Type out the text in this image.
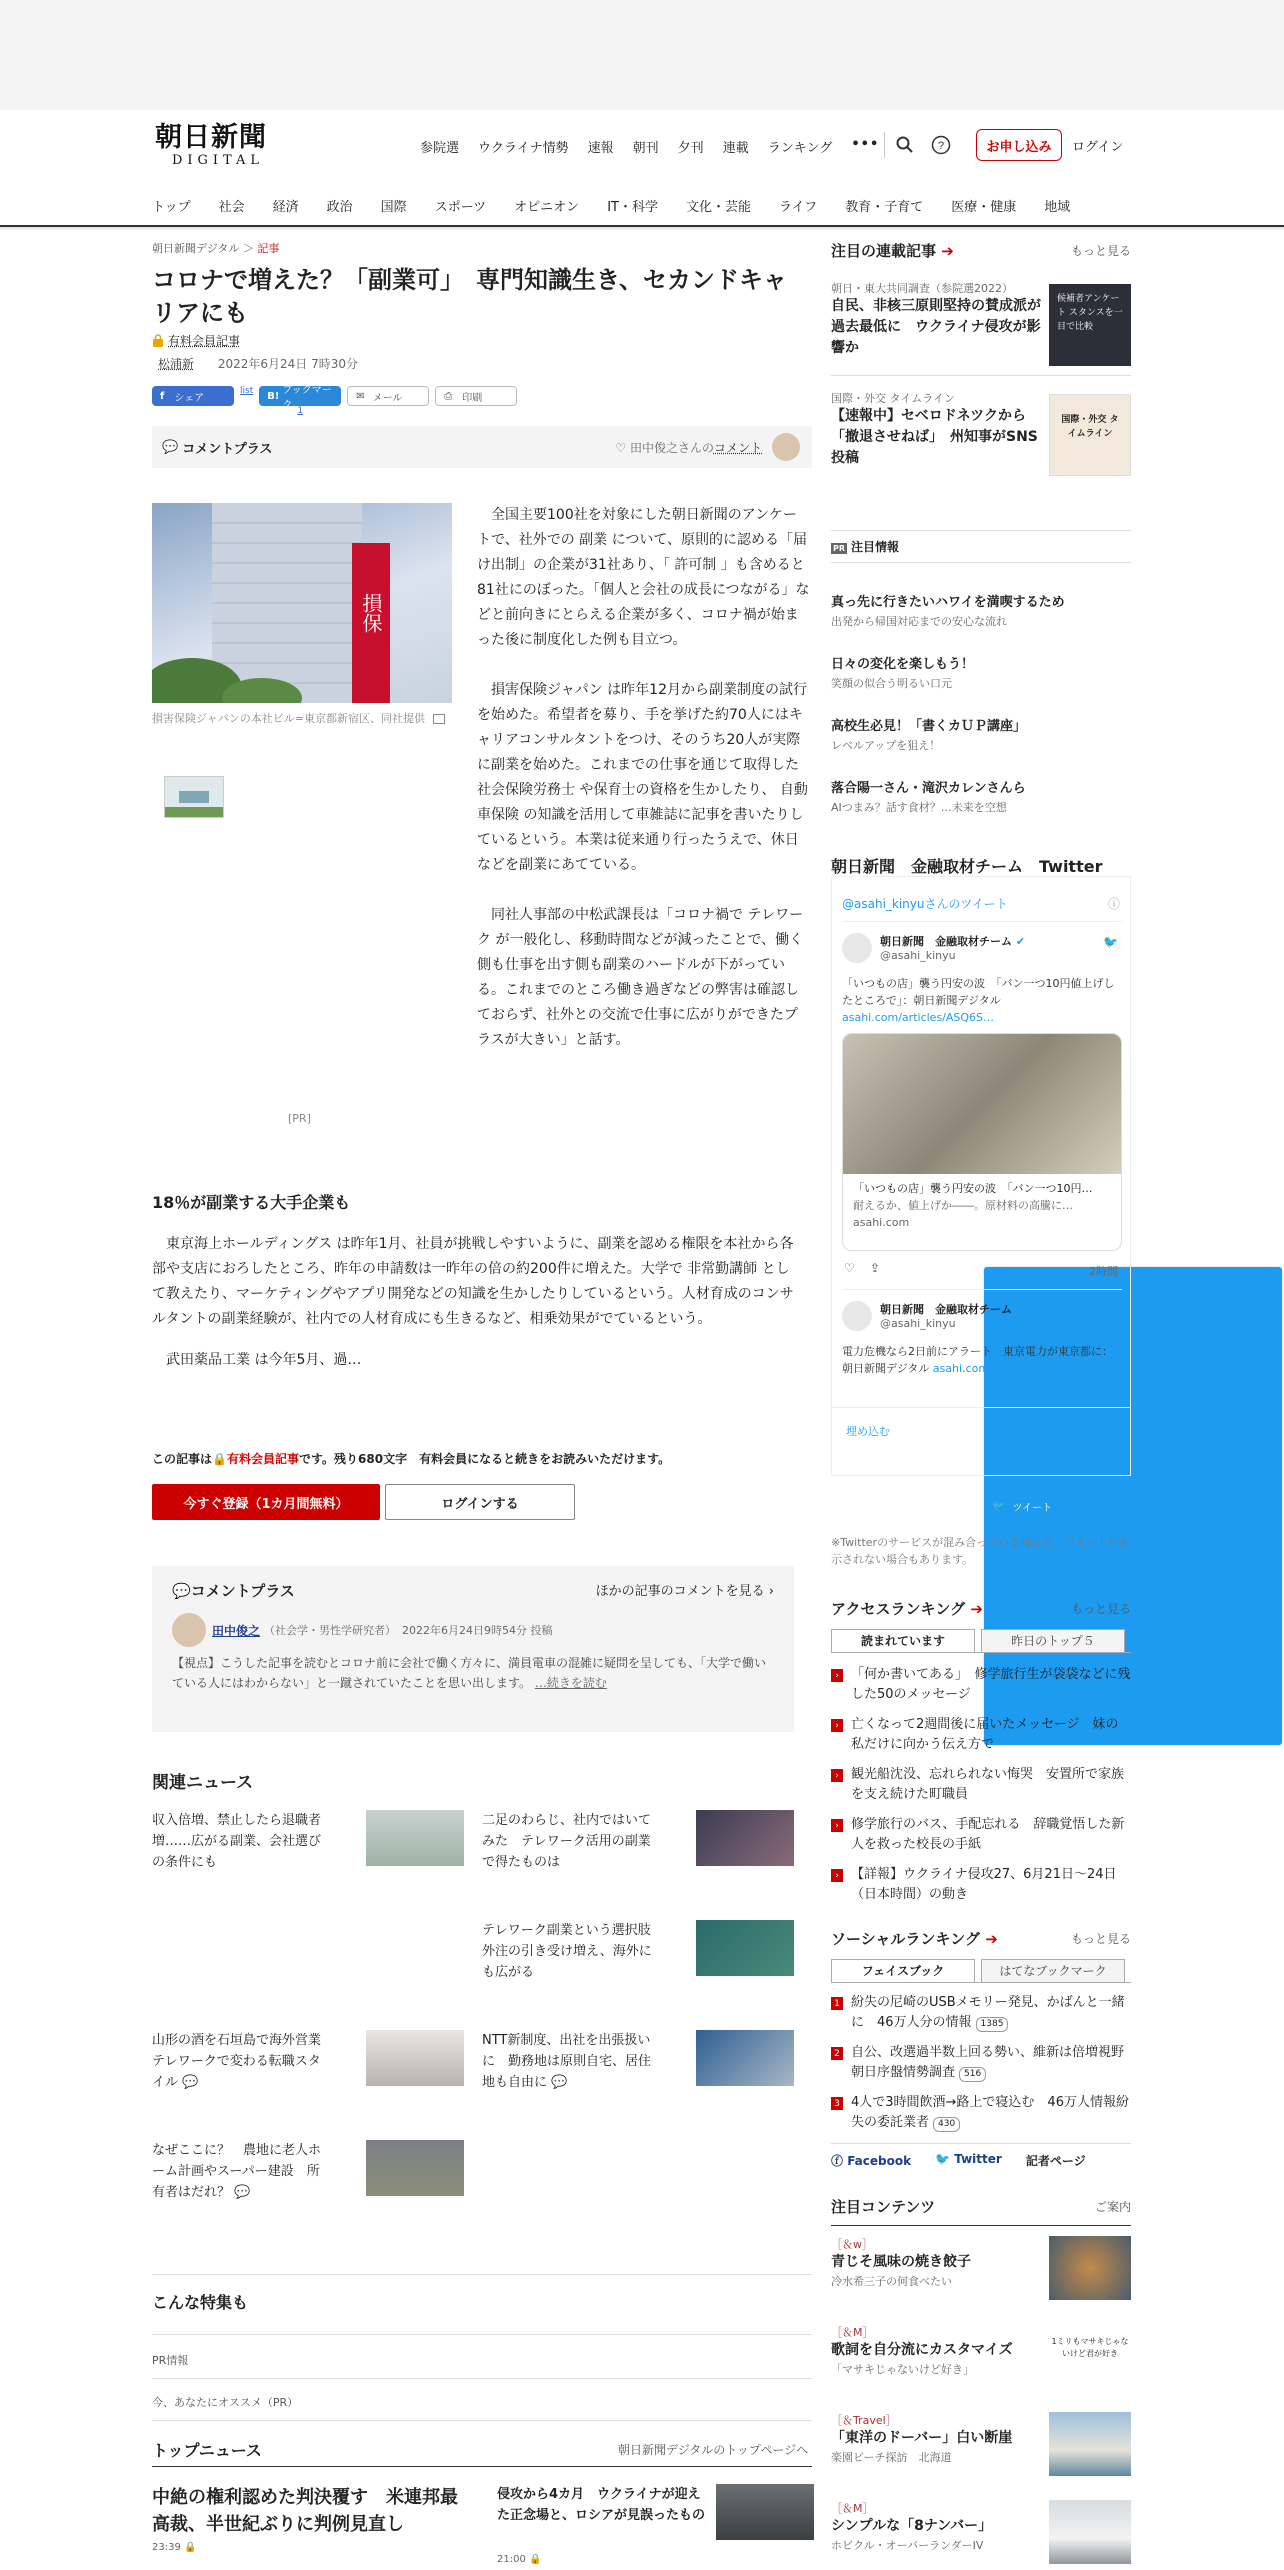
朝日新聞
DIGITAL
参院選 ウクライナ情勢 速報 朝刊 夕刊 連載 ランキング •••	?	お申し込み	ログイン
トップ 社会 経済 政治 国際 スポーツ オピニオン IT・科学 文化・芸能 ライフ 教育・子育て 医療・健康 地域
朝日新聞デジタル ＞ 記事
コロナで増えた？「副業可」　専門知識生き、セカンドキャリアにも
有料会員記事
松浦新 2022年6月24日 7時30分
f シェア
🐦 ツイート
list B! ブックマーク 1
✉ メール	⎙ 印刷
💬 コメントプラス	♡ 田中俊之さんのコメント
損保
損害保険ジャパンの本社ビル=東京都新宿区、同社提供
[PR]

全国主要100社を対象にした朝日新聞のアンケートで、社外での 副業 について、原則的に認める「届け出制」の企業が31社あり、「 許可制 」も含めると81社にのぼった。「個人と会社の成長につながる」などと前向きにとらえる企業が多く、コロナ禍が始まった後に制度化した例も目立つ。

損害保険ジャパン は昨年12月から副業制度の試行を始めた。希望者を募り、手を挙げた約70人にはキャリアコンサルタントをつけ、そのうち20人が実際に副業を始めた。これまでの仕事を通じて取得した 社会保険労務士 や保育士の資格を生かしたり、 自動車保険 の知識を活用して車雑誌に記事を書いたりしているという。本業は従来通り行ったうえで、休日などを副業にあてている。

同社人事部の中松武課長は「コロナ禍で テレワーク が一般化し、移動時間などが減ったことで、働く側も仕事を出す側も副業のハードルが下がっている。これまでのところ働き過ぎなどの弊害は確認しておらず、社外との交流で仕事に広がりができたプラスが大きい」と話す。

18％が副業する大手企業も

東京海上ホールディングス は昨年1月、社員が挑戦しやすいように、副業を認める権限を本社から各部や支店におろしたところ、昨年の申請数は一昨年の倍の約200件に増えた。大学で 非常勤講師 として教えたり、マーケティングやアプリ開発などの知識を生かしたりしているという。人材育成のコンサルタントの副業経験が、社内での人材育成にも生きるなど、相乗効果がでているという。

武田薬品工業 は今年5月、過…

この記事は🔒有料会員記事です。残り680文字　有料会員になると続きをお読みいただけます。
今すぐ登録（1カ月間無料）	ログインする
💬コメントプラス	ほかの記事のコメントを見る ›
田中俊之 （社会学・男性学研究者） 2022年6月24日9時54分 投稿
【視点】こうした記事を読むとコロナ前に会社で働く方々に、満員電車の混雑に疑問を呈しても、「大学で働いている人にはわからない」と一蹴されていたことを思い出します。 …続きを読む
関連ニュース
収入倍増、禁止したら退職者増……広がる副業、会社選びの条件にも
二足のわらじ、社内ではいてみた　テレワーク活用の副業で得たものは
テレワーク副業という選択肢　外注の引き受け増え、海外にも広がる
山形の酒を石垣島で海外営業　テレワークで変わる転職スタイル 💬
NTT新制度、出社を出張扱いに　勤務地は原則自宅、居住地も自由に 💬
なぜここに？　農地に老人ホーム計画やスーパー建設　所有者はだれ？ 💬
こんな特集も
PR情報
今、あなたにオススメ（PR）
トップニュース	朝日新聞デジタルのトップページへ
中絶の権利認めた判決覆す　米連邦最高裁、半世紀ぶりに判例見直し
23:39 🔒
侵攻から4カ月　ウクライナが迎えた正念場と、ロシアが見誤ったもの
21:00 🔒
注目の連載記事 ➔	もっと見る
朝日・東大共同調査（参院選2022）
自民、非核三原則堅持の賛成派が過去最低に　ウクライナ侵攻が影響か
候補者アンケート スタンスを一目で比較
国際・外交 タイムライン
【速報中】セベロドネツクから「撤退させねば」　州知事がSNS投稿
国際・外交 タイムライン
PR 注目情報
真っ先に行きたいハワイを満喫するため
出発から帰国対応までの安心な流れ
日々の変化を楽しもう！
笑顔の似合う明るい口元
高校生必見！「書くカＵＰ講座」
レベルアップを狙え！
落合陽一さん・滝沢カレンさんら
AIつまみ？話す食材？…未来を空想
朝日新聞　金融取材チーム　Twitter
@asahi_kinyuさんのツイート	ⓘ
朝日新聞　金融取材チーム ✔
@asahi_kinyu
🐦
「いつもの店」襲う円安の波　「バン一つ10円値上げしたところで」：朝日新聞デジタル asahi.com/articles/ASQ6S…
「いつもの店」襲う円安の波　「バン一つ10円…
耐えるか、値上げか――。原材料の高騰に…
asahi.com
♡ ⇪	2時間
朝日新聞　金融取材チーム ✔
@asahi_kinyu
電力危機なら2日前にアラート　東京電力が東京都に：朝日新聞デジタル asahi.com/articles/ASQ6S…
埋め込む	Twitterで表示
※Twitterのサービスが混み合っている時など、ツイートが表示されない場合もあります。
アクセスランキング ➔	もっと見る
読まれています	昨日のトップ５
› 「何か書いてある」　修学旅行生が袋袋などに残した50のメッセージ
› 亡くなって2週間後に届いたメッセージ　妹の私だけに向かう伝え方で
› 観光船沈没、忘れられない悔哭　安置所で家族を支え続けた町職員
› 修学旅行のバス、手配忘れる　辞職覚悟した新人を救った校長の手紙
› 【詳報】ウクライナ侵攻27、6月21日～24日（日本時間）の動き
ソーシャルランキング ➔	もっと見る
フェイスブック	はてなブックマーク
1 紛失の尼崎のUSBメモリー発見、かばんと一緒に　46万人分の情報 1385
2 自公、改選過半数上回る勢い、維新は倍増視野　朝日序盤情勢調査 516
3 4人で3時間飲酒→路上で寝込む　46万人情報紛失の委託業者 430
ⓕ Facebook 🐦 Twitter 記者ページ
注目コンテンツ	ご案内
［＆w］
青じそ風味の焼き餃子
冷水希三子の何食べたい
［＆M］
歌詞を自分流にカスタマイズ
「マサキじゃないけど好き」
1ミリもマサキじゃないけど君が好き
［＆Travel］
「東洋のドーバー」白い断崖
楽園ビーチ探訪　北海道
［＆M］
シンプルな「8ナンバー」
ホビクル・オーバーランダーIV
